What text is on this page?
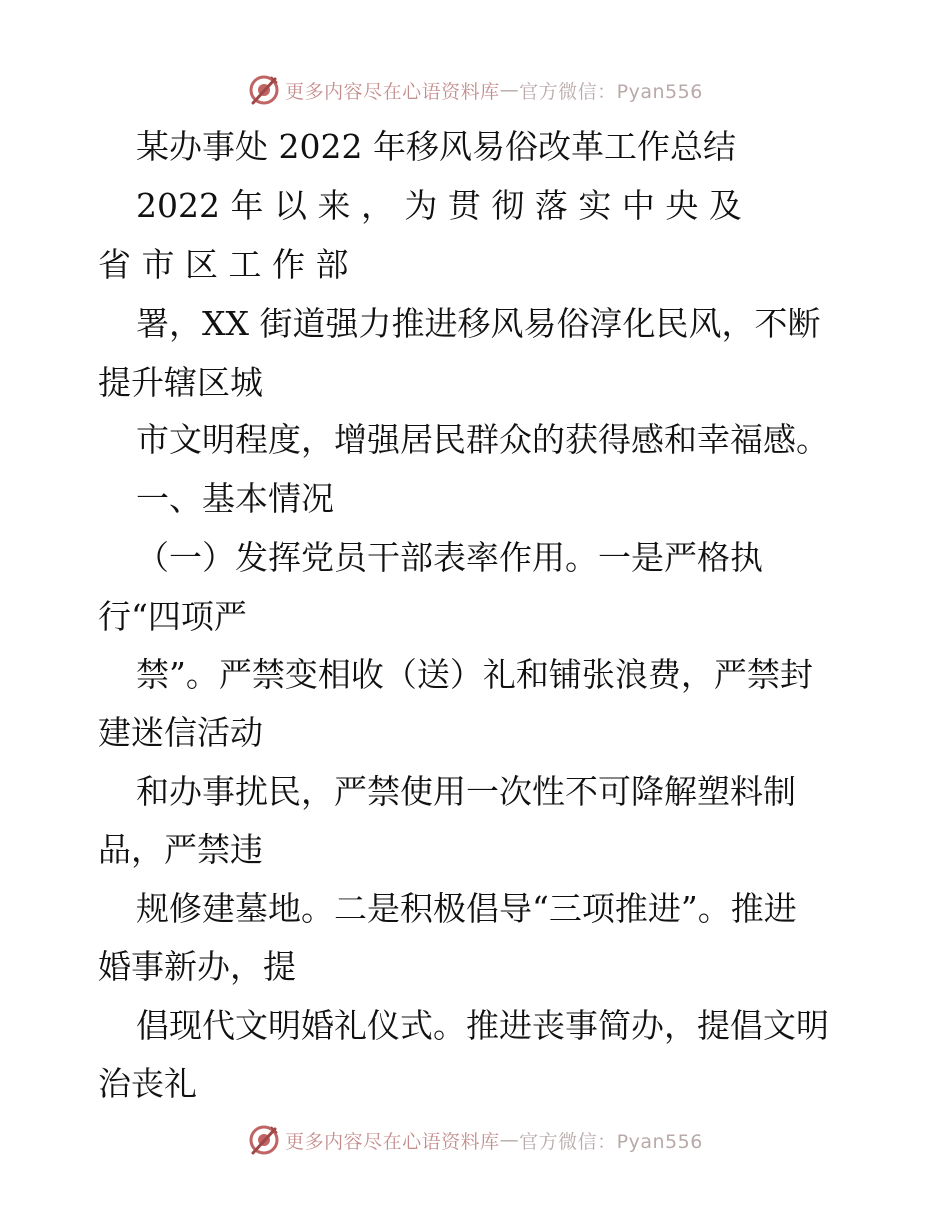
更多内容尽在心语资料库 — 官方微信：Pyan556
某办事处 2022 年移风易俗改革工作总结
2022 年 以 来 ， 为 贯 彻 落 实 中 央 及
省 市 区 工 作 部
署，XX 街道强力推进移风易俗淳化民风，不断
提升辖区城
市文明程度，增强居民群众的获得感和幸福感。
一、基本情况
（一）发挥党员干部表率作用。一是严格执
行“四项严
禁”。严禁变相收（送）礼和铺张浪费，严禁封
建迷信活动
和办事扰民，严禁使用一次性不可降解塑料制
品，严禁违
规修建墓地。二是积极倡导“三项推进”。推进
婚事新办，提
倡现代文明婚礼仪式。推进丧事简办，提倡文明
治丧礼
更多内容尽在心语资料库 — 官方微信：Pyan556
